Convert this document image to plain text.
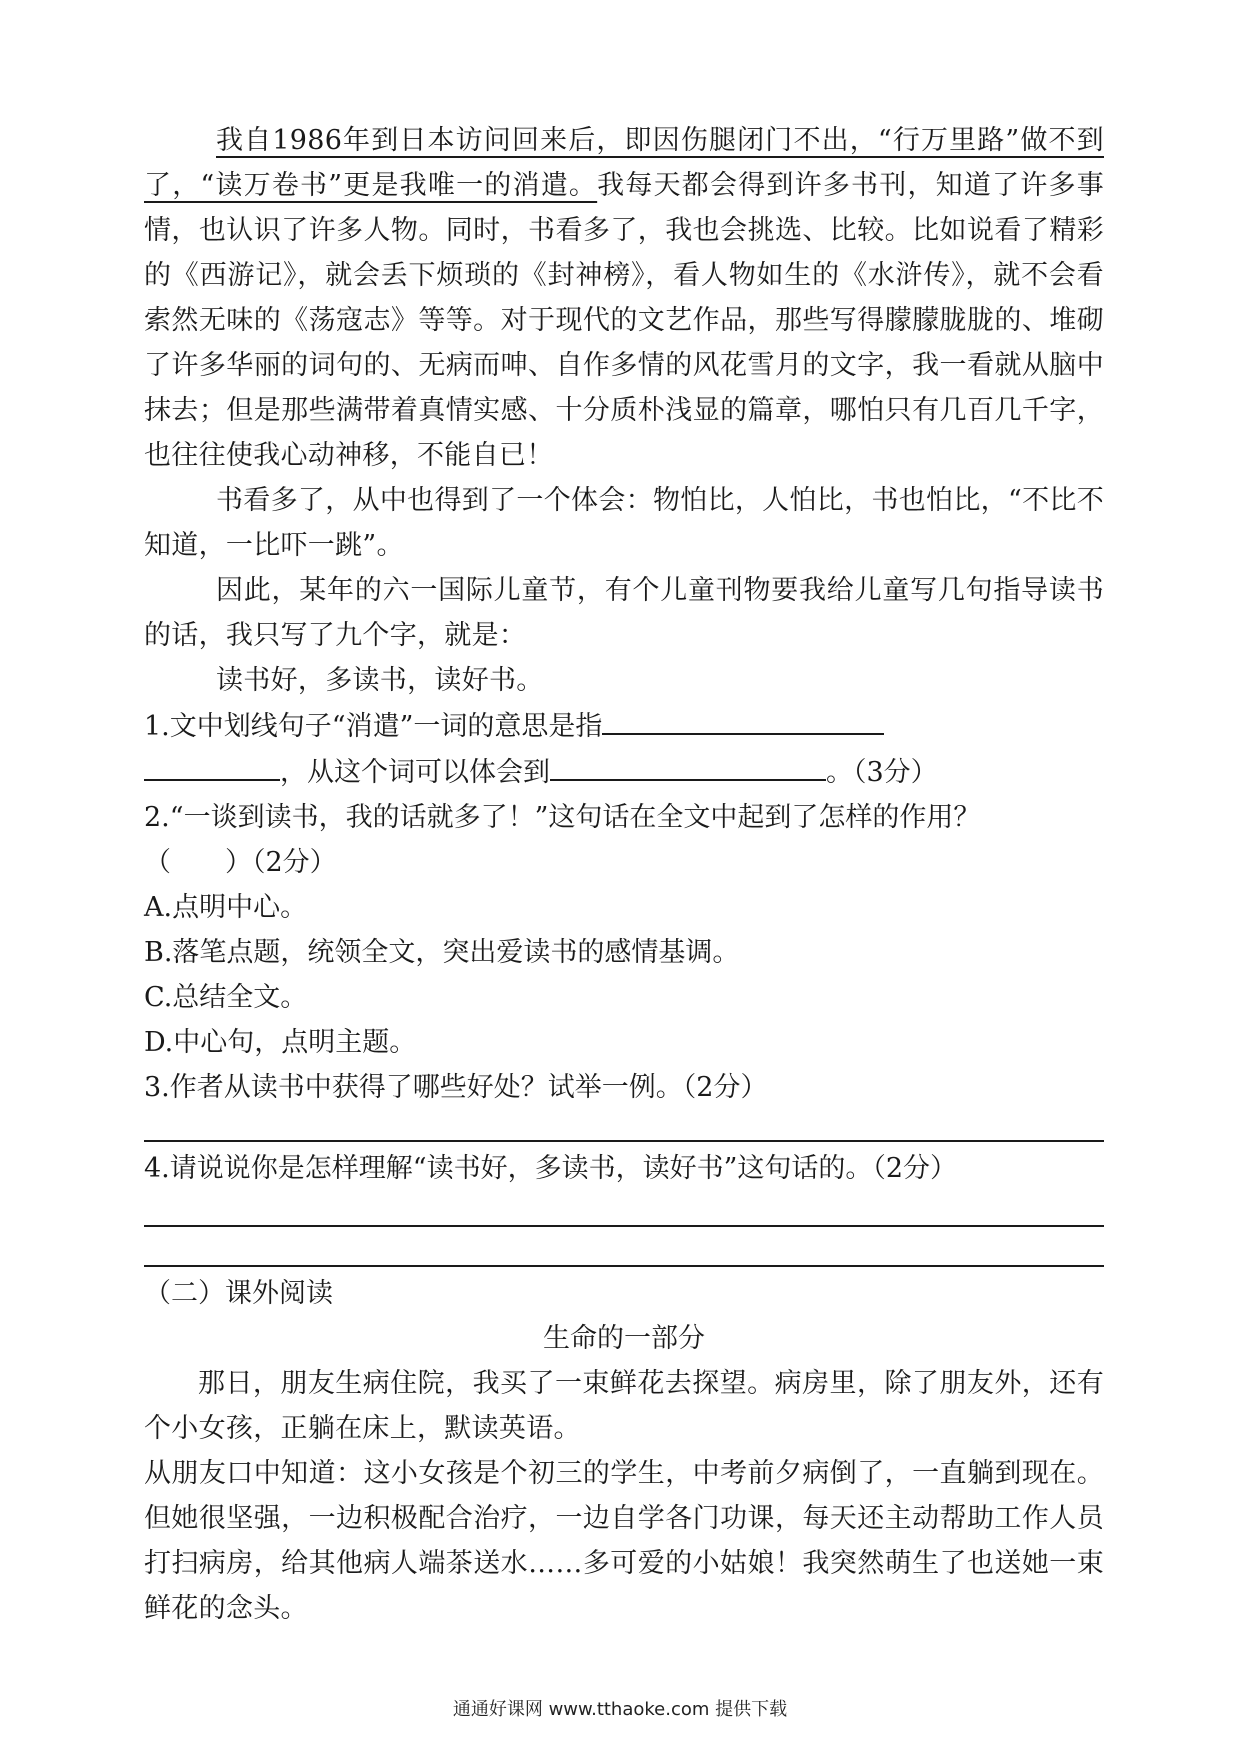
我自1986年到日本访问回来后，即因伤腿闭门不出，“行万里路”做不到了，“读万卷书”更是我唯一的消遣。我每天都会得到许多书刊，知道了许多事情，也认识了许多人物。同时，书看多了，我也会挑选、比较。比如说看了精彩的《西游记》，就会丢下烦琐的《封神榜》，看人物如生的《水浒传》，就不会看索然无味的《荡寇志》等等。对于现代的文艺作品，那些写得朦朦胧胧的、堆砌了许多华丽的词句的、无病而呻、自作多情的风花雪月的文字，我一看就从脑中抹去；但是那些满带着真情实感、十分质朴浅显的篇章，哪怕只有几百几千字，也往往使我心动神移，不能自已！

书看多了，从中也得到了一个体会：物怕比，人怕比，书也怕比，“不比不知道，一比吓一跳”。

因此，某年的六一国际儿童节，有个儿童刊物要我给儿童写几句指导读书的话，我只写了九个字，就是：

读书好，多读书，读好书。

1.文中划线句子“消遣”一词的意思是指

，从这个词可以体会到	。（3分）

2.“一谈到读书，我的话就多了！”这句话在全文中起到了怎样的作用？

（　　）（2分）

A.点明中心。

B.落笔点题，统领全文，突出爱读书的感情基调。

C.总结全文。

D.中心句，点明主题。

3.作者从读书中获得了哪些好处？试举一例。（2分）

4.请说说你是怎样理解“读书好，多读书，读好书”这句话的。（2分）

（二）课外阅读

生命的一部分

那日，朋友生病住院，我买了一束鲜花去探望。病房里，除了朋友外，还有个小女孩，正躺在床上，默读英语。

从朋友口中知道：这小女孩是个初三的学生，中考前夕病倒了，一直躺到现在。但她很坚强，一边积极配合治疗，一边自学各门功课，每天还主动帮助工作人员打扫病房，给其他病人端茶送水……多可爱的小姑娘！我突然萌生了也送她一束鲜花的念头。

通通好课网 www.tthaoke.com 提供下载
